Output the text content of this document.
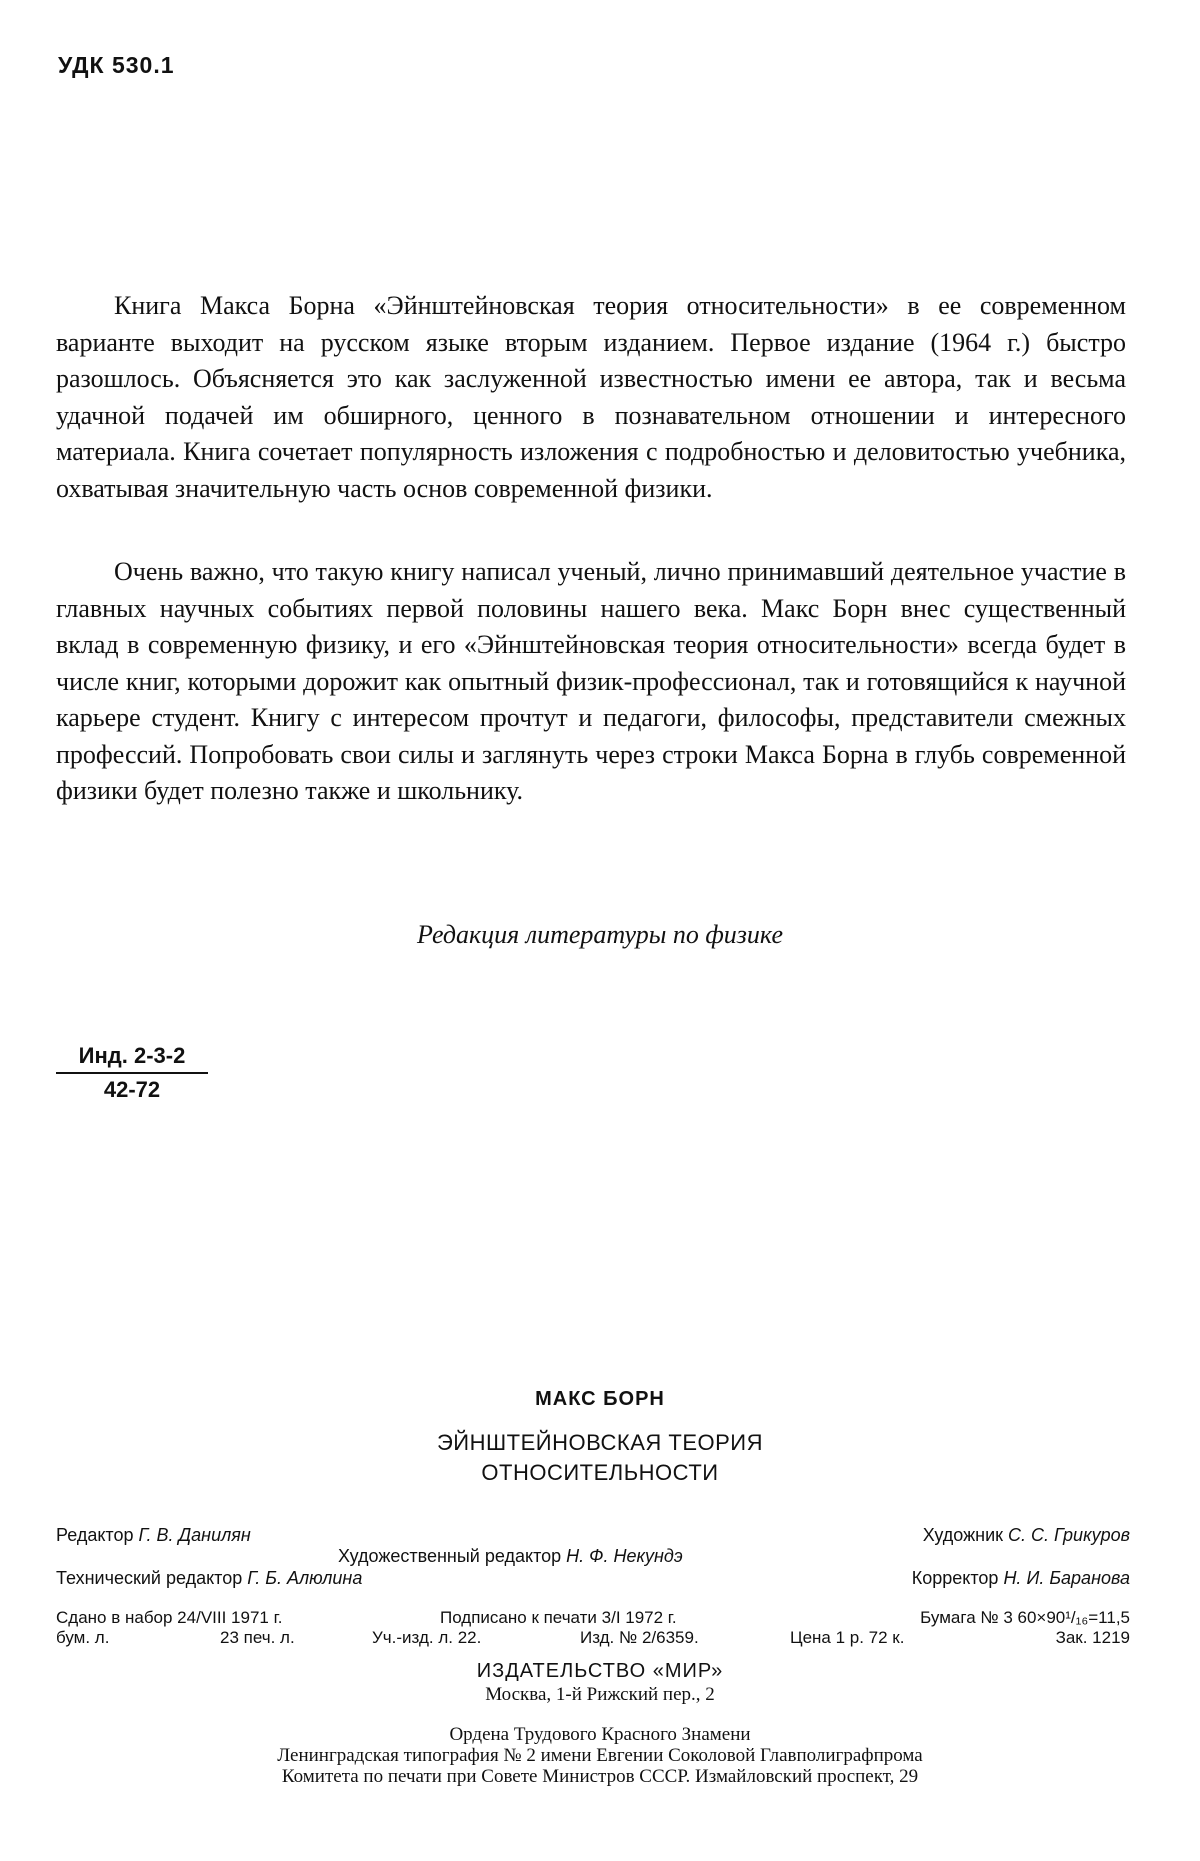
УДК 530.1

Книга Макса Борна «Эйнштейновская теория относительности» в ее современном варианте выходит на русском языке вторым изданием. Первое издание (1964 г.) быстро разошлось. Объясняется это как заслуженной известностью имени ее автора, так и весьма удачной подачей им обширного, ценного в познавательном отношении и интересного материала. Книга сочетает популярность изложения с подробностью и деловитостью учебника, охватывая значительную часть основ современной физики.

Очень важно, что такую книгу написал ученый, лично принимавший деятельное участие в главных научных событиях первой половины нашего века. Макс Борн внес существенный вклад в современную физику, и его «Эйнштейновская теория относительности» всегда будет в числе книг, которыми дорожит как опытный физик-профессионал, так и готовящийся к научной карьере студент. Книгу с интересом прочтут и педагоги, философы, представители смежных профессий. Попробовать свои силы и заглянуть через строки Макса Борна в глубь современной физики будет полезно также и школьнику.

Редакция литературы по физике
Инд. 2-3-2
42-72
МАКС БОРН
ЭЙНШТЕЙНОВСКАЯ ТЕОРИЯ
ОТНОСИТЕЛЬНОСТИ
Редактор Г. В. Данилян	Художник С. С. Грикуров
Художественный редактор Н. Ф. Некундэ
Технический редактор Г. Б. Алюлина	Корректор Н. И. Баранова
Сдано в набор 24/VIII 1971 г.	Подписано к печати 3/I 1972 г.	Бумага № 3 60×90¹/₁₆=11,5
бум. л.	23 печ. л.	Уч.-изд. л. 22.	Изд. № 2/6359.	Цена 1 р. 72 к.	Зак. 1219
ИЗДАТЕЛЬСТВО «МИР»
Москва, 1-й Рижский пер., 2
Ордена Трудового Красного Знамени
Ленинградская типография № 2 имени Евгении Соколовой Главполиграфпрома
Комитета по печати при Совете Министров СССР. Измайловский проспект, 29
